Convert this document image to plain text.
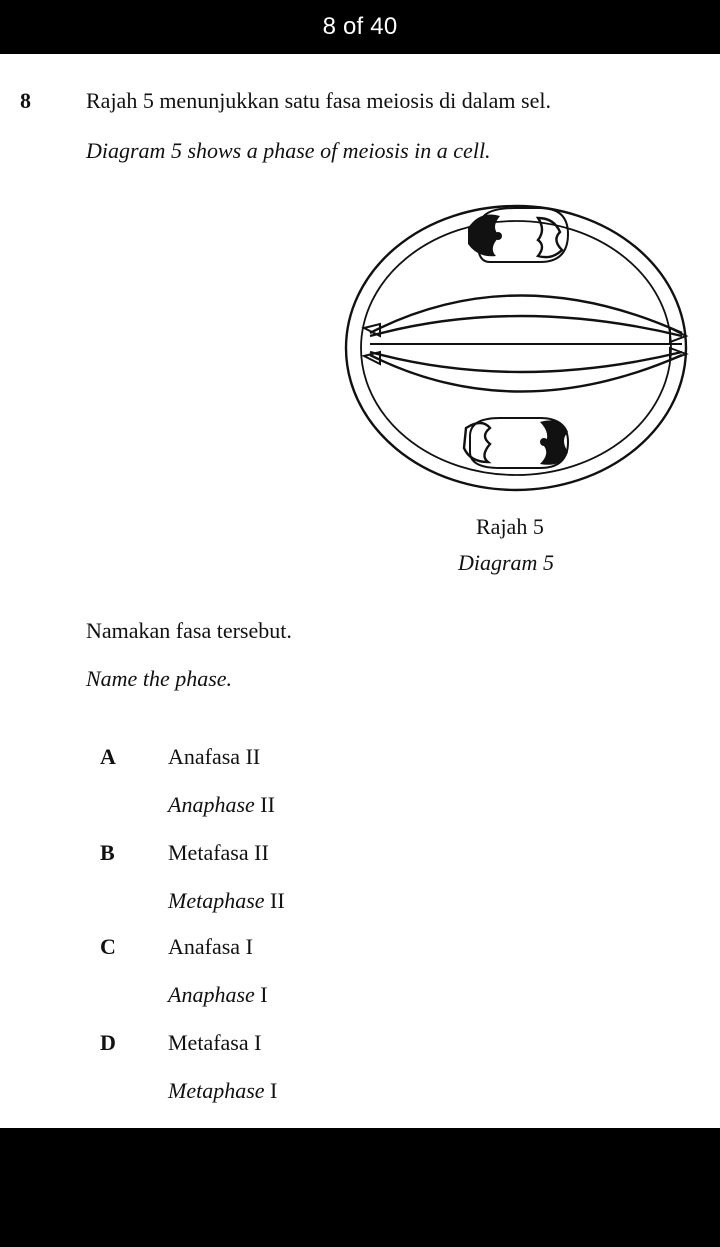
8 of 40
8	Rajah 5 menunjukkan satu fasa meiosis di dalam sel.
Diagram 5 shows a phase of meiosis in a cell.
Rajah 5
Diagram 5
Namakan fasa tersebut.
Name the phase.
A Anafasa II
Anaphase II
B Metafasa II
Metaphase II
C Anafasa I
Anaphase I
D Metafasa I
Metaphase I
